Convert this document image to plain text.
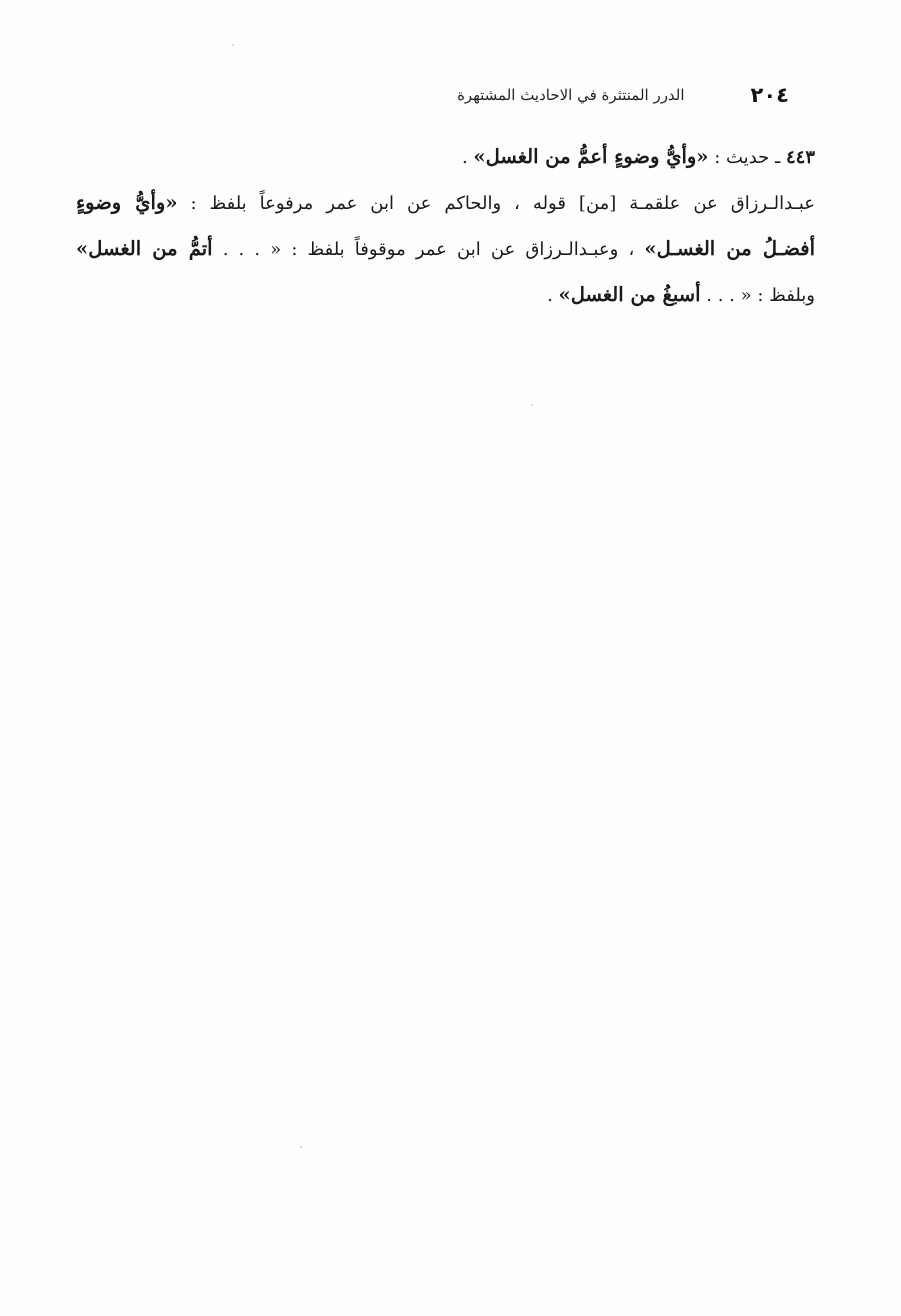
٢٠٤
الدرر المنتثرة في الاحاديث المشتهرة
٤٤٣ ـ حديث : «وأيُّ وضوءٍ أعمُّ من الغسل» .
عبـدالـرزاق عن علقمـة [من] قوله ، والحاكم عن ابن عمر مرفوعاً بلفظ : «وأيُّ وضوءٍ
أفضـلُ من الغسـل» ، وعبـدالـرزاق عن ابن عمر موقوفاً بلفظ : « . . . أتمُّ من الغسل»
وبلفظ : « . . . أسبغُ من الغسل» .
